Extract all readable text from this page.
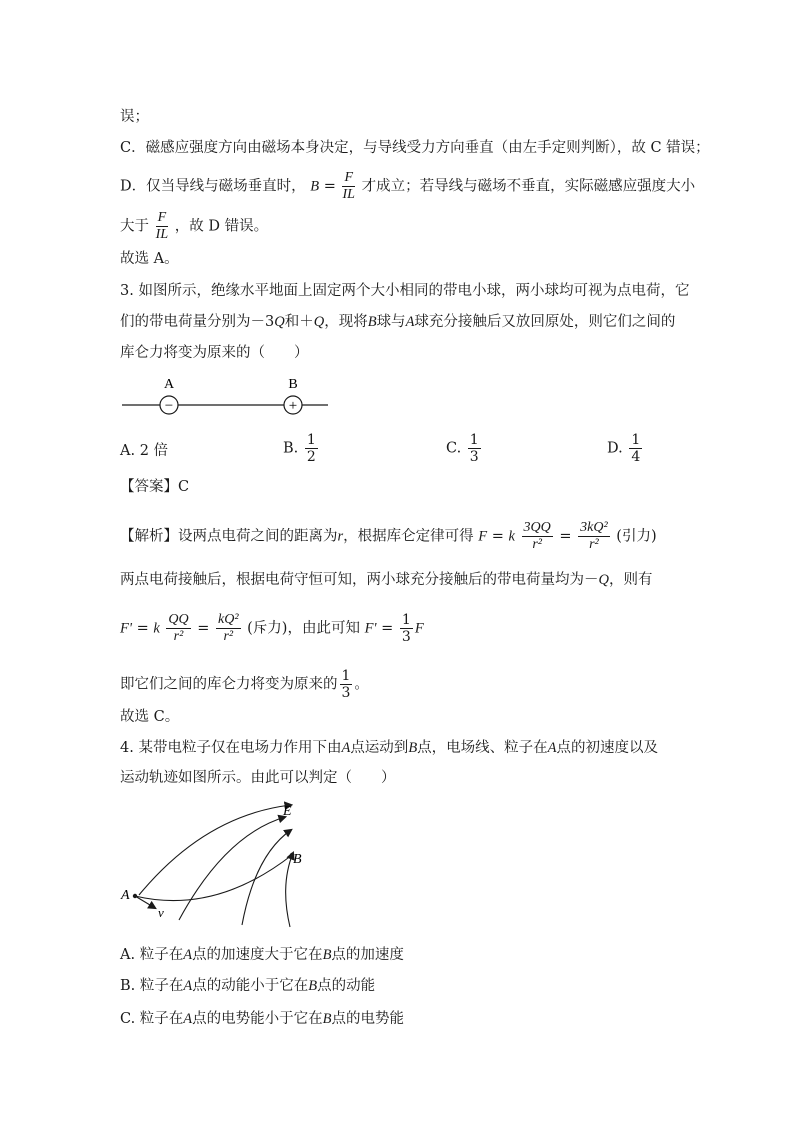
误；
C．磁感应强度方向由磁场本身决定，与导线受力方向垂直（由左手定则判断），故 C 错误；
D．仅当导线与磁场垂直时， $B = \frac{F}{IL}$ 才成立；若导线与磁场不垂直，实际磁感应强度大小
大于 $\frac{F}{IL}$ ，故 D 错误。
故选 A。
3. 如图所示，绝缘水平地面上固定两个大小相同的带电小球，两小球均可视为点电荷，它
们的带电荷量分别为－3Q和＋Q，现将B球与A球充分接触后又放回原处，则它们之间的
库仑力将变为原来的（　　）
−	+
A	B
A. 2 倍	B. $\frac{1}{2}$	C. $\frac{1}{3}$	D. $\frac{1}{4}$
【答案】C
【解析】设两点电荷之间的距离为r，根据库仑定律可得 F = k $\frac{3QQ}{\text{r²}} = \frac{\text{3kQ²}}{\text{r²}}$ (引力)
两点电荷接触后，根据电荷守恒可知，两小球充分接触后的带电荷量均为－Q，则有
F' = k $\frac{QQ}{\text{r²}} = \frac{\text{kQ²}}{\text{r²}}$ (斥力)，由此可知 $F' = \frac{1}{3}$ F
即它们之间的库仑力将变为原来的 $\frac{1}{3}$ 。
故选 C。
4. 某带电粒子仅在电场力作用下由A点运动到B点，电场线、粒子在A点的初速度以及
运动轨迹如图所示。由此可以判定（　　）
E
B
A
v
A. 粒子在A点的加速度大于它在B点的加速度
B. 粒子在A点的动能小于它在B点的动能
C. 粒子在A点的电势能小于它在B点的电势能
